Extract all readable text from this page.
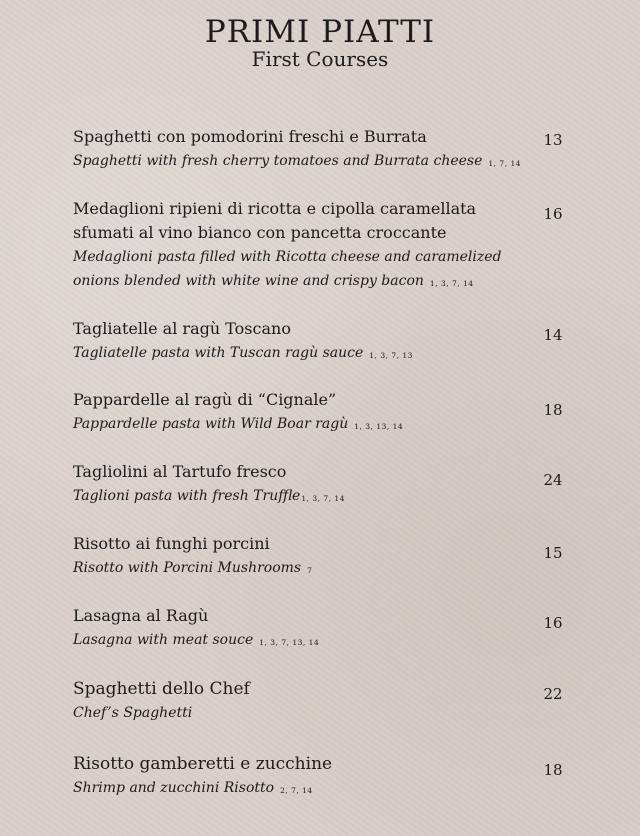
PRIMI PIATTI
First Courses
Spaghetti con pomodorini freschi e Burrata
Spaghetti with fresh cherry tomatoes and Burrata cheese 1, 7, 14
13
Medaglioni ripieni di ricotta e cipolla caramellata
sfumati al vino bianco con pancetta croccante
Medaglioni pasta filled with Ricotta cheese and caramelized
onions blended with white wine and crispy bacon 1, 3, 7, 14
16
Tagliatelle al ragù Toscano
Tagliatelle pasta with Tuscan ragù sauce 1, 3, 7, 13
14
Pappardelle al ragù di “Cignale”
Pappardelle pasta with Wild Boar ragù 1, 3, 13, 14
18
Tagliolini al Tartufo fresco
Taglioni pasta with fresh Truffle1, 3, 7, 14
24
Risotto ai funghi porcini
Risotto with Porcini Mushrooms 7
15
Lasagna al Ragù
Lasagna with meat souce 1, 3, 7, 13, 14
16
Spaghetti dello Chef
Chef’s Spaghetti
22
Risotto gamberetti e zucchine
Shrimp and zucchini Risotto 2, 7, 14
18
